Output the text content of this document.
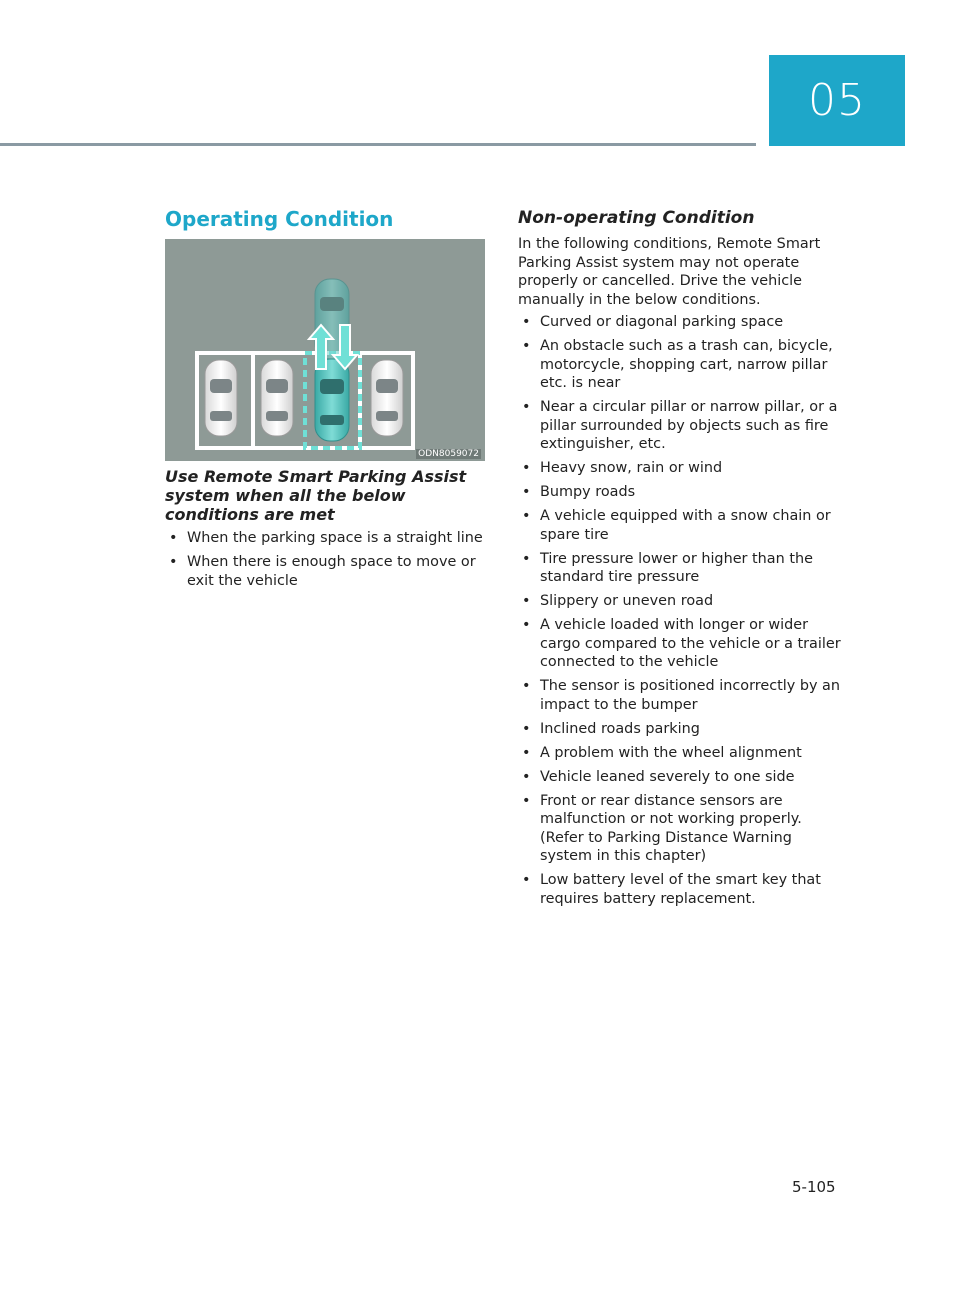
05
Operating Condition
ODN8059072
Use Remote Smart Parking Assist system when all the below conditions are met
• When the parking space is a straight line
• When there is enough space to move or exit the vehicle
Non-operating Condition

In the following conditions, Remote Smart Parking Assist system may not operate properly or cancelled. Drive the vehicle manually in the below conditions.

• Curved or diagonal parking space
• An obstacle such as a trash can, bicycle, motorcycle, shopping cart, narrow pillar etc. is near
• Near a circular pillar or narrow pillar, or a pillar surrounded by objects such as fire extinguisher, etc.
• Heavy snow, rain or wind
• Bumpy roads
• A vehicle equipped with a snow chain or spare tire
• Tire pressure lower or higher than the standard tire pressure
• Slippery or uneven road
• A vehicle loaded with longer or wider cargo compared to the vehicle or a trailer connected to the vehicle
• The sensor is positioned incorrectly by an impact to the bumper
• Inclined roads parking
• A problem with the wheel alignment
• Vehicle leaned severely to one side
• Front or rear distance sensors are malfunction or not working properly. (Refer to Parking Distance Warning system in this chapter)
• Low battery level of the smart key that requires battery replacement.
5-105
